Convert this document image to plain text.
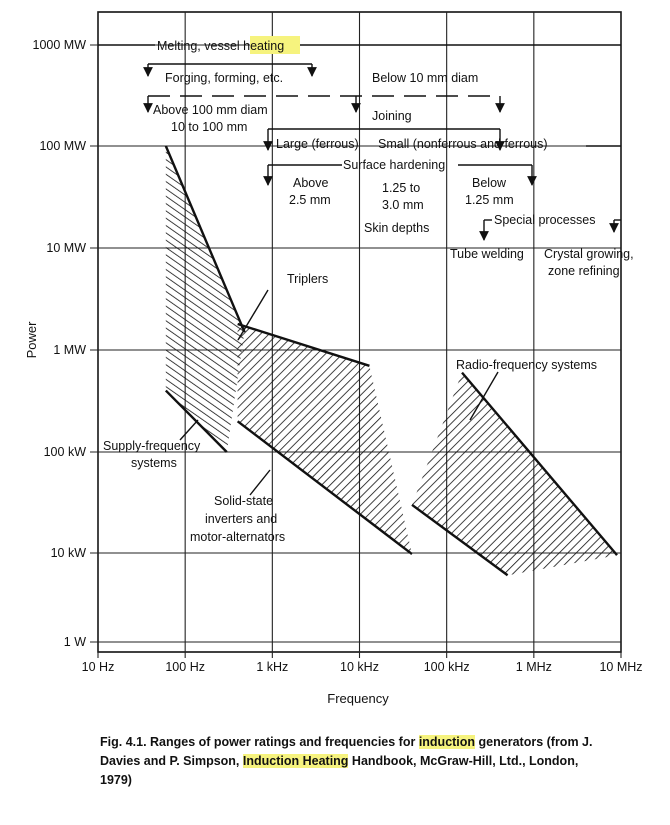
1 W
10 kW
100 kW
1 MW
10 MW
100 MW
1000 MW
10 Hz	100 Hz	1 kHz	10 kHz	100 kHz	1 MHz	10 MHz
Frequency
Power
Melting, vessel heating
Forging, forming, etc.	Below 10 mm diam
Above 100 mm diam
10 to 100 mm
Joining
Large (ferrous) Small (nonferrous and ferrous)
Surface hardening
Above
2.5 mm
1.25 to
3.0 mm
Skin depths
Below
1.25 mm
Special processes
Tube welding Crystal growing,
zone refining
Triplers
Radio-frequency systems
Supply-frequency
systems
Solid-state
inverters and
motor-alternators
Fig. 4.1. Ranges of power ratings and frequencies for induction generators (from J. Davies and P. Simpson, Induction Heating Handbook, McGraw-Hill, Ltd., London, 1979)
